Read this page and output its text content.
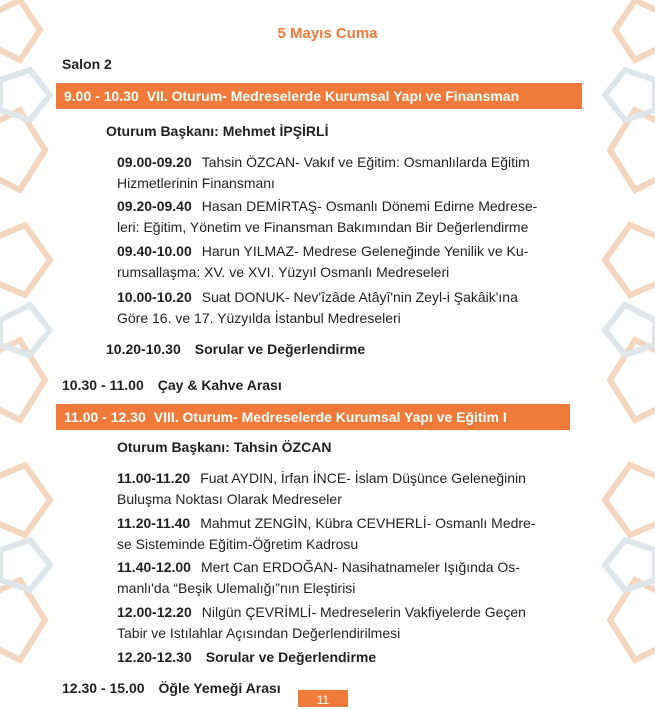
5 Mayıs Cuma
Salon 2
9.00 - 10.30 VII. Oturum- Medreselerde Kurumsal Yapı ve Finansman
Oturum Başkanı: Mehmet İPŞİRLİ
09.00-09.20 Tahsin ÖZCAN- Vakıf ve Eğitim: Osmanlılarda Eğitim
Hizmetlerinin Finansmanı
09.20-09.40 Hasan DEMİRTAŞ- Osmanlı Dönemi Edirne Medrese-
leri: Eğitim, Yönetim ve Finansman Bakımından Bir Değerlendirme
09.40-10.00 Harun YILMAZ- Medrese Geleneğinde Yenilik ve Ku-
rumsallaşma: XV. ve XVI. Yüzyıl Osmanlı Medreseleri
10.00-10.20 Suat DONUK- Nev'îzâde Atâyî'nin Zeyl-i Şakâik'ına
Göre 16. ve 17. Yüzyılda İstanbul Medreseleri
10.20-10.30 Sorular ve Değerlendirme
10.30 - 11.00 Çay & Kahve Arası
11.00 - 12.30 VIII. Oturum- Medreselerde Kurumsal Yapı ve Eğitim I
Oturum Başkanı: Tahsin ÖZCAN
11.00-11.20 Fuat AYDIN, İrfan İNCE- İslam Düşünce Geleneğinin
Buluşma Noktası Olarak Medreseler
11.20-11.40 Mahmut ZENGİN, Kübra CEVHERLİ- Osmanlı Medre-
se Sisteminde Eğitim-Öğretim Kadrosu
11.40-12.00 Mert Can ERDOĞAN- Nasihatnameler Işığında Os-
manlı'da “Beşik Ulemalığı”nın Eleştirisi
12.00-12.20 Nilgün ÇEVRİMLİ- Medreselerin Vakfiyelerde Geçen
Tabir ve Istılahlar Açısından Değerlendirilmesi
12.20-12.30 Sorular ve Değerlendirme
12.30 - 15.00 Öğle Yemeği Arası
11
